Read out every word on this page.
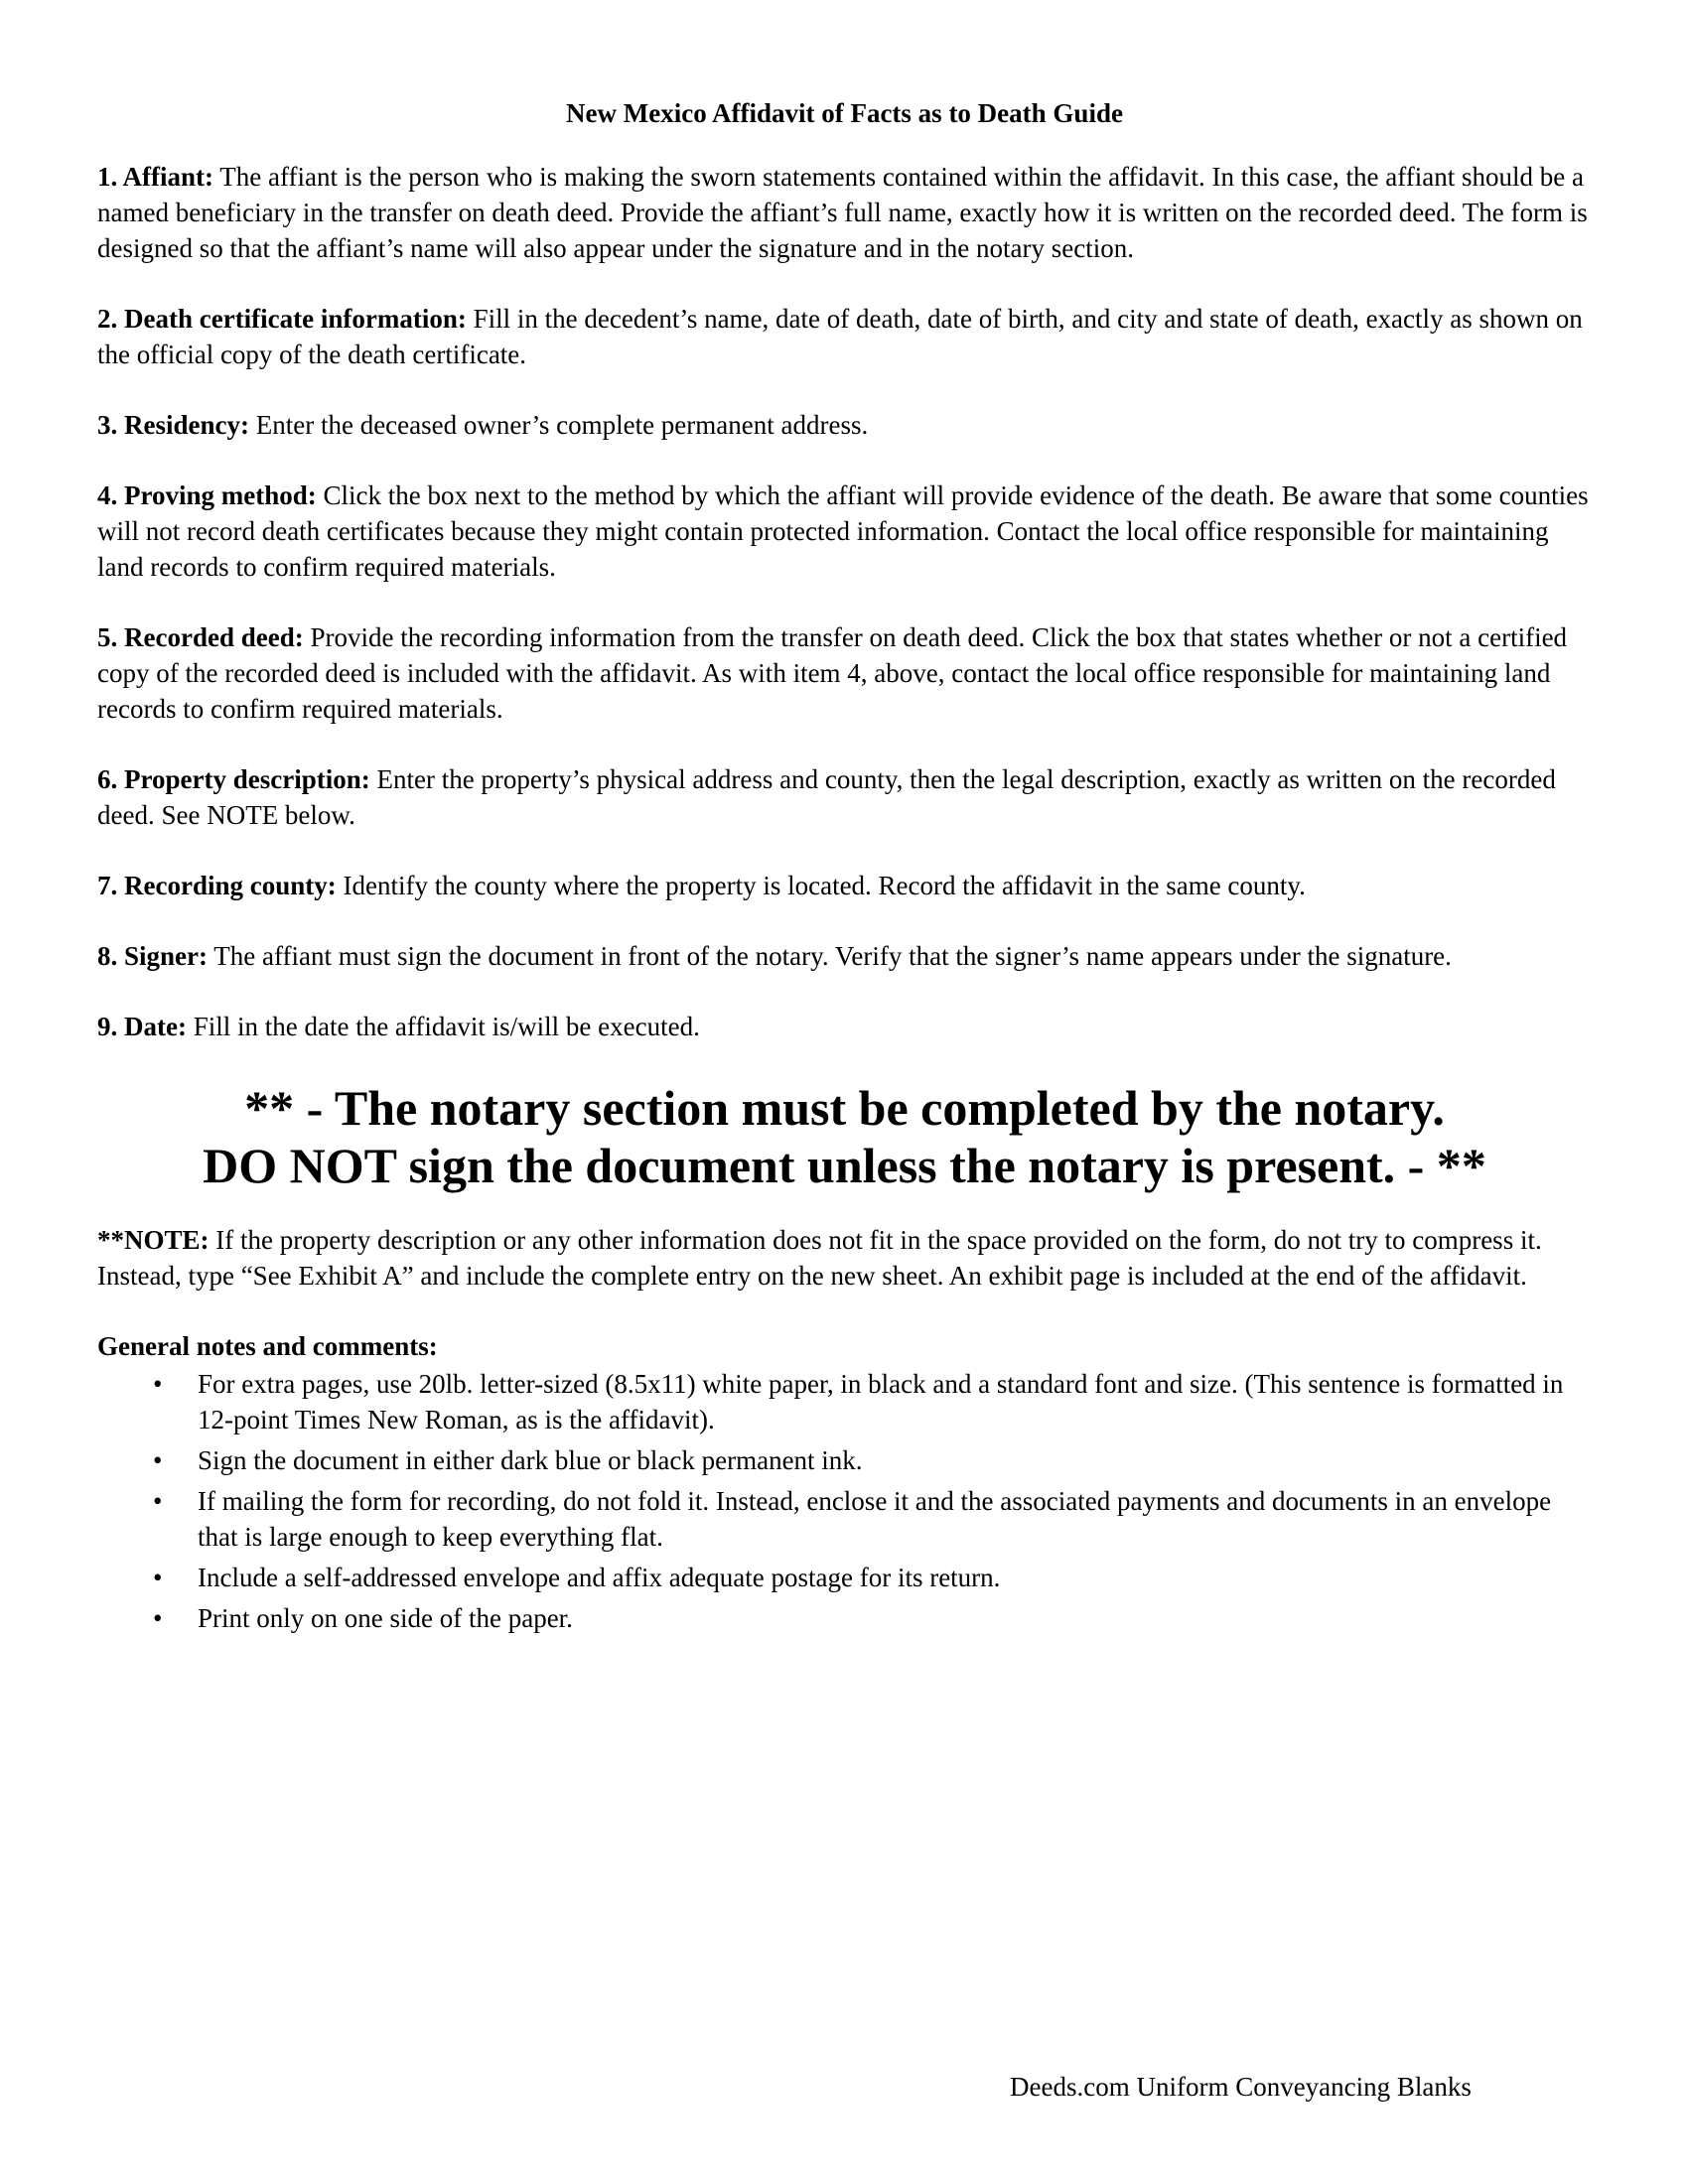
New Mexico Affidavit of Facts as to Death Guide
1. Affiant: The affiant is the person who is making the sworn statements contained within the affidavit. In this case, the affiant should be a named beneficiary in the transfer on death deed. Provide the affiant’s full name, exactly how it is written on the recorded deed. The form is designed so that the affiant’s name will also appear under the signature and in the notary section.
2. Death certificate information: Fill in the decedent’s name, date of death, date of birth, and city and state of death, exactly as shown on the official copy of the death certificate.
3. Residency: Enter the deceased owner’s complete permanent address.
4. Proving method: Click the box next to the method by which the affiant will provide evidence of the death. Be aware that some counties will not record death certificates because they might contain protected information. Contact the local office responsible for maintaining land records to confirm required materials.
5. Recorded deed: Provide the recording information from the transfer on death deed. Click the box that states whether or not a certified copy of the recorded deed is included with the affidavit. As with item 4, above, contact the local office responsible for maintaining land records to confirm required materials.
6. Property description: Enter the property’s physical address and county, then the legal description, exactly as written on the recorded deed. See NOTE below.
7. Recording county: Identify the county where the property is located. Record the affidavit in the same county.
8. Signer: The affiant must sign the document in front of the notary. Verify that the signer’s name appears under the signature.
9. Date: Fill in the date the affidavit is/will be executed.
** - The notary section must be completed by the notary.
DO NOT sign the document unless the notary is present. - **
**NOTE: If the property description or any other information does not fit in the space provided on the form, do not try to compress it. Instead, type “See Exhibit A” and include the complete entry on the new sheet. An exhibit page is included at the end of the affidavit.
General notes and comments:
• For extra pages, use 20lb. letter-sized (8.5x11) white paper, in black and a standard font and size. (This sentence is formatted in 12-point Times New Roman, as is the affidavit).
• Sign the document in either dark blue or black permanent ink.
• If mailing the form for recording, do not fold it. Instead, enclose it and the associated payments and documents in an envelope that is large enough to keep everything flat.
• Include a self-addressed envelope and affix adequate postage for its return.
• Print only on one side of the paper.
Deeds.com Uniform Conveyancing Blanks
